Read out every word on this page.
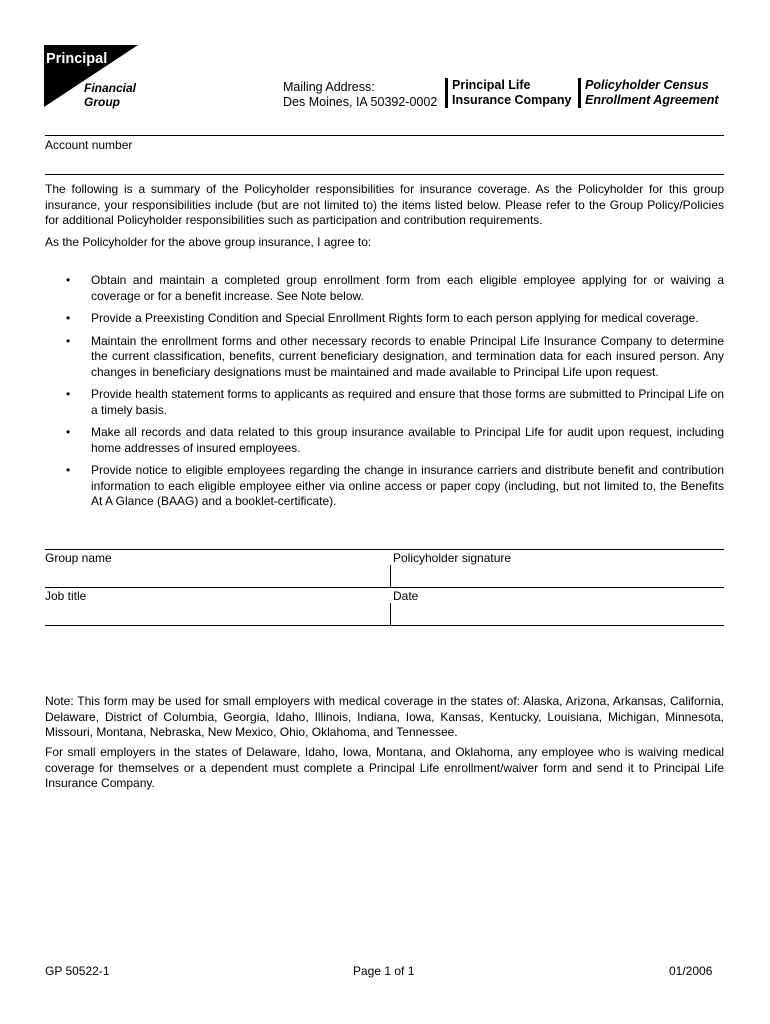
Principal
Financial
Group
Mailing Address:
Des Moines, IA 50392-0002
Principal Life
Insurance Company
Policyholder Census
Enrollment Agreement
Account number

The following is a summary of the Policyholder responsibilities for insurance coverage. As the Policyholder for this group insurance, your responsibilities include (but are not limited to) the items listed below. Please refer to the Group Policy/Policies for additional Policyholder responsibilities such as participation and contribution requirements.

As the Policyholder for the above group insurance, I agree to:

• Obtain and maintain a completed group enrollment form from each eligible employee applying for or waiving a coverage or for a benefit increase. See Note below.
• Provide a Preexisting Condition and Special Enrollment Rights form to each person applying for medical coverage.
• Maintain the enrollment forms and other necessary records to enable Principal Life Insurance Company to determine the current classification, benefits, current beneficiary designation, and termination data for each insured person. Any changes in beneficiary designations must be maintained and made available to Principal Life upon request.
• Provide health statement forms to applicants as required and ensure that those forms are submitted to Principal Life on a timely basis.
• Make all records and data related to this group insurance available to Principal Life for audit upon request, including home addresses of insured employees.
• Provide notice to eligible employees regarding the change in insurance carriers and distribute benefit and contribution information to each eligible employee either via online access or paper copy (including, but not limited to, the Benefits At A Glance (BAAG) and a booklet-certificate).
Group name	Policyholder signature
Job title	Date

Note: This form may be used for small employers with medical coverage in the states of: Alaska, Arizona, Arkansas, California, Delaware, District of Columbia, Georgia, Idaho, Illinois, Indiana, Iowa, Kansas, Kentucky, Louisiana, Michigan, Minnesota, Missouri, Montana, Nebraska, New Mexico, Ohio, Oklahoma, and Tennessee.

For small employers in the states of Delaware, Idaho, Iowa, Montana, and Oklahoma, any employee who is waiving medical coverage for themselves or a dependent must complete a Principal Life enrollment/waiver form and send it to Principal Life Insurance Company.

GP 50522-1	Page 1 of 1	01/2006
